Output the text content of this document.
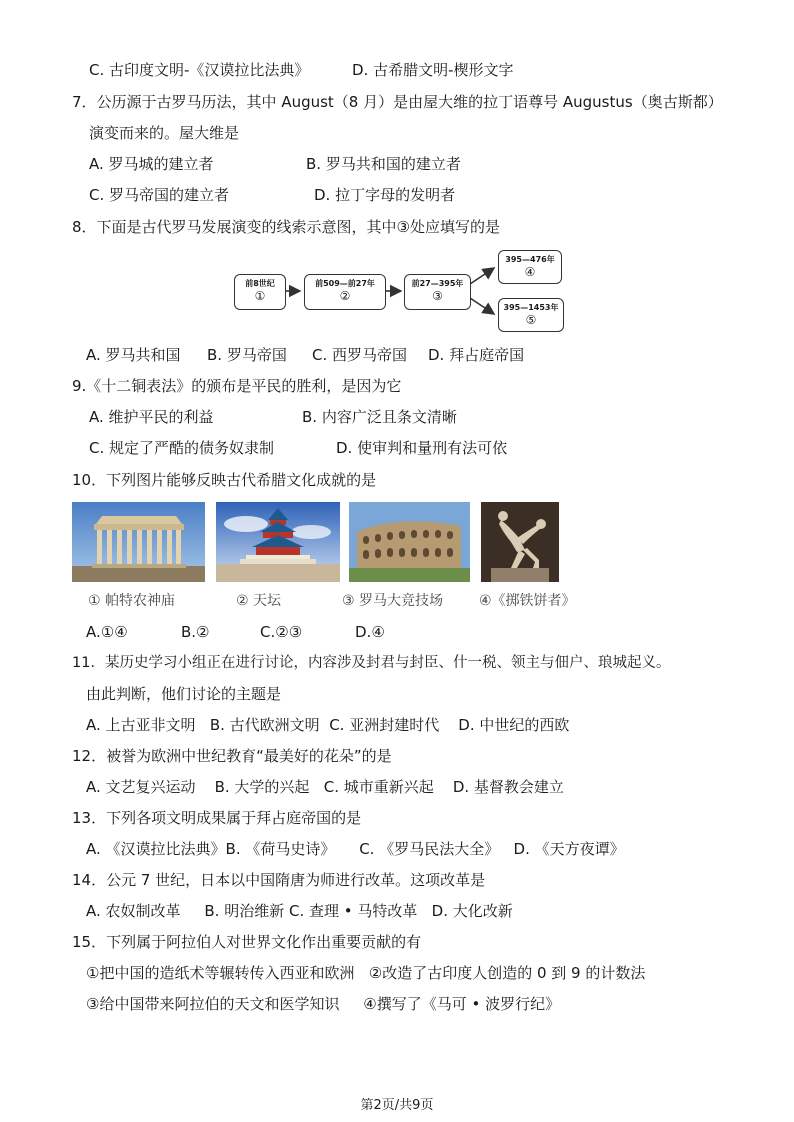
C. 古印度文明-《汉谟拉比法典》	D. 古希腊文明-楔形文字
7．公历源于古罗马历法，其中 August（8 月）是由屋大维的拉丁语尊号 Augustus（奥古斯都）
演变而来的。屋大维是
A. 罗马城的建立者	B. 罗马共和国的建立者
C. 罗马帝国的建立者	D. 拉丁字母的发明者
8．下面是古代罗马发展演变的线索示意图，其中③处应填写的是
前8世纪
①
前509—前27年
②
前27—395年
③
395—476年
④
395—1453年
⑤
A. 罗马共和国 B. 罗马帝国 C. 西罗马帝国 D. 拜占庭帝国
9.《十二铜表法》的颁布是平民的胜利，是因为它
A. 维护平民的利益	B. 内容广泛且条文清晰
C. 规定了严酷的债务奴隶制	D. 使审判和量刑有法可依
10．下列图片能够反映古代希腊文化成就的是
① 帕特农神庙	② 天坛	③ 罗马大竞技场	④《掷铁饼者》
A.①④	B.②	C.②③	D.④
11．某历史学习小组正在进行讨论，内容涉及封君与封臣、什一税、领主与佃户、琅城起义。
由此判断，他们讨论的主题是
A. 上古亚非文明   B. 古代欧洲文明  C. 亚洲封建时代    D. 中世纪的西欧
12．被誉为欧洲中世纪教育“最美好的花朵”的是
A. 文艺复兴运动    B. 大学的兴起   C. 城市重新兴起    D. 基督教会建立
13．下列各项文明成果属于拜占庭帝国的是
A. 《汉谟拉比法典》B. 《荷马史诗》     C. 《罗马民法大全》   D. 《天方夜谭》
14．公元 7 世纪，日本以中国隋唐为师进行改革。这项改革是
A. 农奴制改革     B. 明治维新 C. 查理 • 马特改革   D. 大化改新
15．下列属于阿拉伯人对世界文化作出重要贡献的有
①把中国的造纸术等辗转传入西亚和欧洲   ②改造了古印度人创造的 0 到 9 的计数法
③给中国带来阿拉伯的天文和医学知识     ④撰写了《马可 • 波罗行纪》
第2页/共9页
